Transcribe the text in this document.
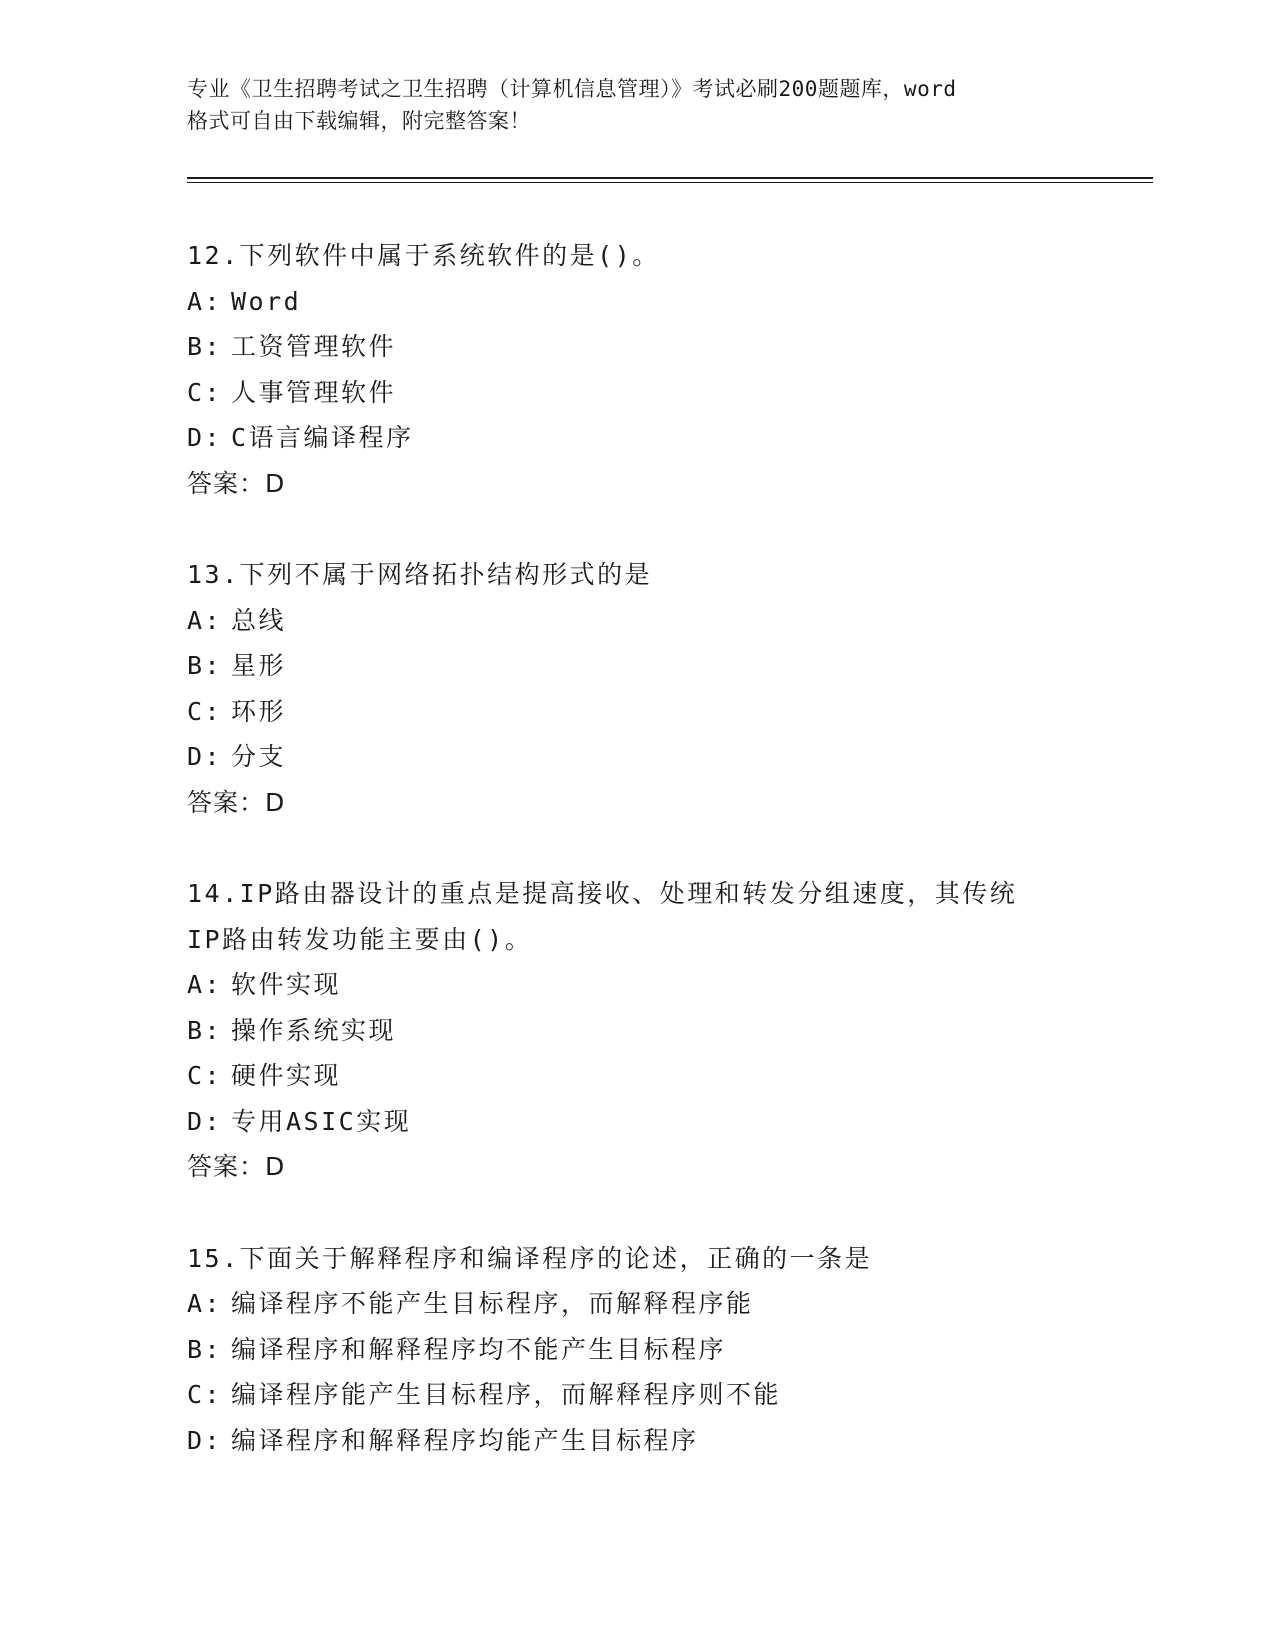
专业《卫生招聘考试之卫生招聘（计算机信息管理）》考试必刷200题题库，word
格式可自由下载编辑，附完整答案！
12.下列软件中属于系统软件的是()。
A: Word
B: 工资管理软件
C: 人事管理软件
D: C语言编译程序
答案：D
13.下列不属于网络拓扑结构形式的是
A: 总线
B: 星形
C: 环形
D: 分支
答案：D
14.IP路由器设计的重点是提高接收、处理和转发分组速度，其传统
IP路由转发功能主要由()。
A: 软件实现
B: 操作系统实现
C: 硬件实现
D: 专用ASIC实现
答案：D
15.下面关于解释程序和编译程序的论述，正确的一条是
A: 编译程序不能产生目标程序，而解释程序能
B: 编译程序和解释程序均不能产生目标程序
C: 编译程序能产生目标程序，而解释程序则不能
D: 编译程序和解释程序均能产生目标程序
